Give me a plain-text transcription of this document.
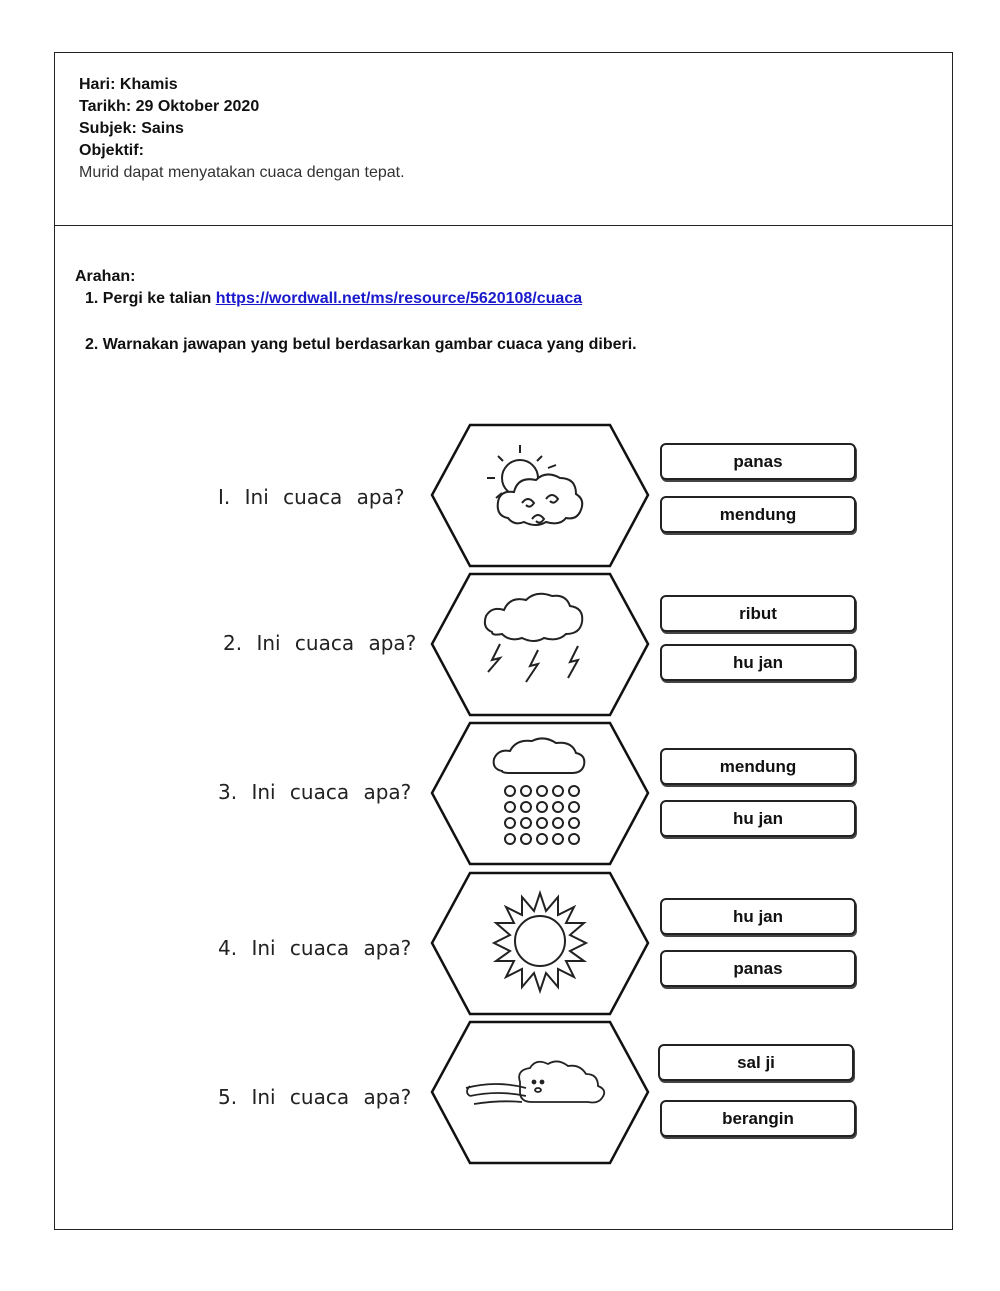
Hari: Khamis
Tarikh: 29 Oktober 2020
Subjek: Sains
Objektif:
Murid dapat menyatakan cuaca dengan tepat.
Arahan:
1. Pergi ke talian https://wordwall.net/ms/resource/5620108/cuaca
2. Warnakan jawapan yang betul berdasarkan gambar cuaca yang diberi.
I. Ini cuaca apa?
panas
mendung
2. Ini cuaca apa?
ribut
hu jan
3. Ini cuaca apa?
mendung
hu jan
4. Ini cuaca apa?
hu jan
panas
5. Ini cuaca apa?
sal ji
berangin
